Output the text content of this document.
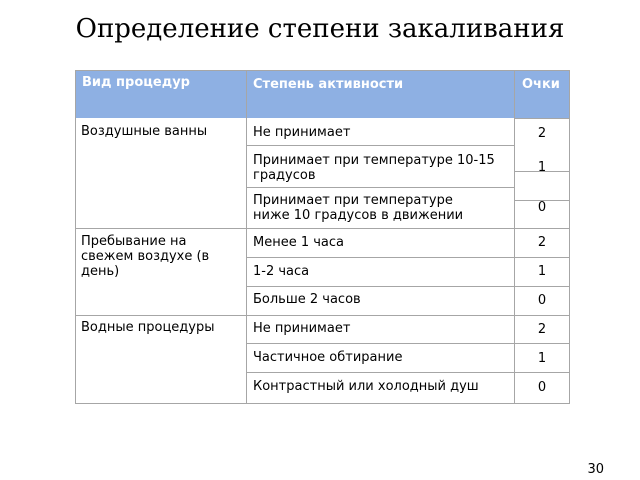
Определение степени закаливания
Вид процедур	Степень активности	Очки
Воздушные ванны
Пребывание на свежем воздухе (в день)
Водные процедуры
Не принимает
Принимает при температуре 10-15 градусов
Принимает при температуре ниже 10 градусов в движении
Менее 1 часа
1-2 часа
Больше 2 часов
Не принимает
Частичное обтирание
Контрастный или холодный душ
2
1
0
2
1
0
2
1
0
30
